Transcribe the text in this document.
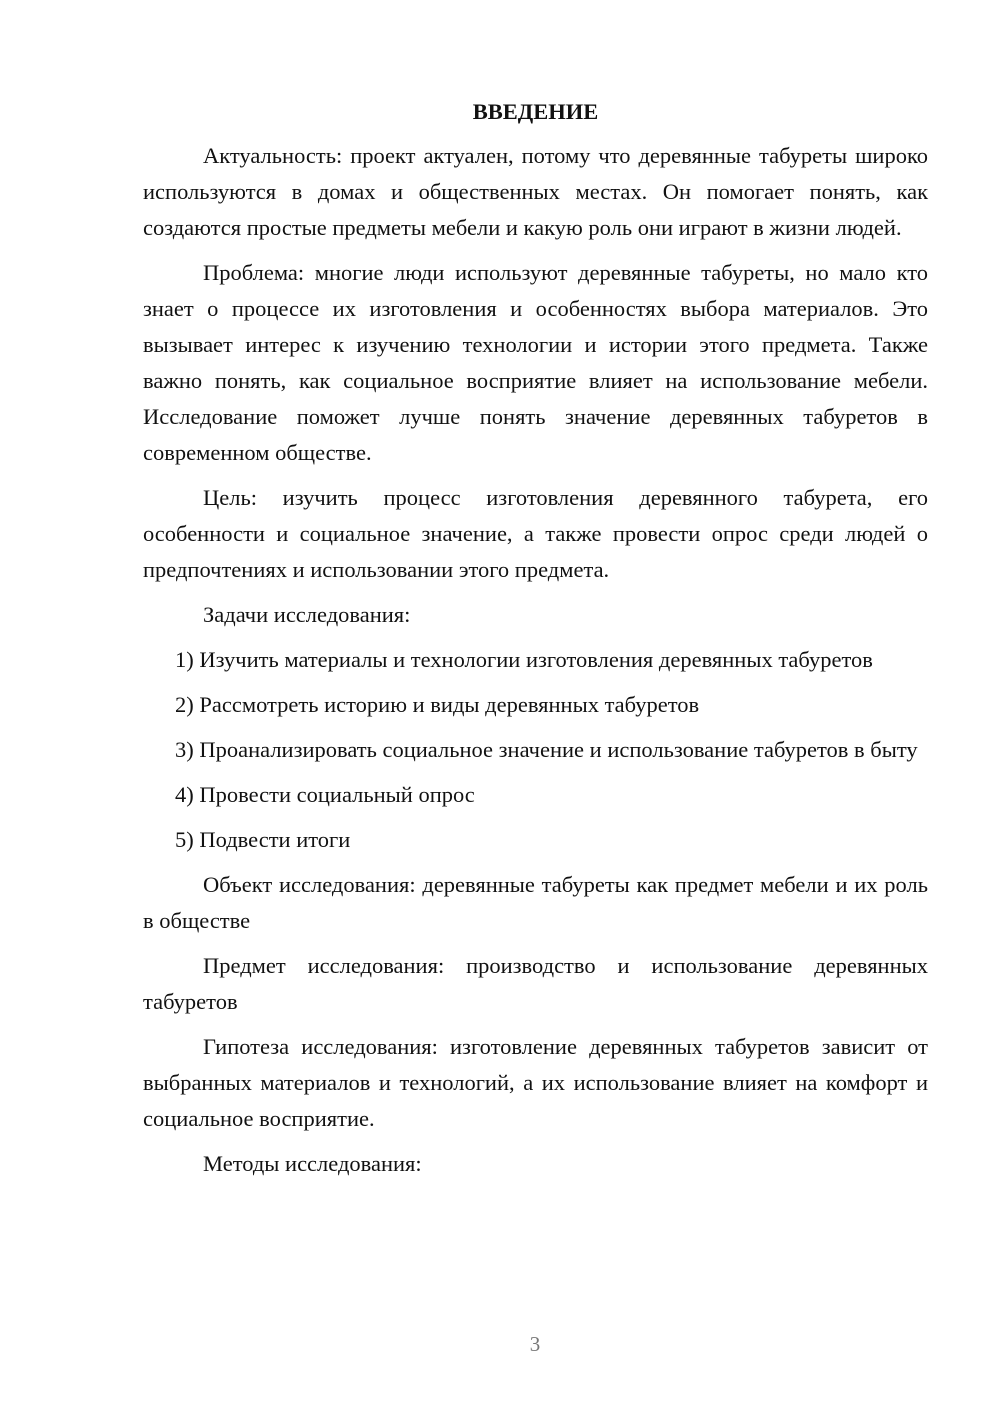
ВВЕДЕНИЕ

Актуальность: проект актуален, потому что деревянные табуреты широко используются в домах и общественных местах. Он помогает понять, как создаются простые предметы мебели и какую роль они играют в жизни людей.

Проблема: многие люди используют деревянные табуреты, но мало кто знает о процессе их изготовления и особенностях выбора материалов. Это вызывает интерес к изучению технологии и истории этого предмета. Также важно понять, как социальное восприятие влияет на использование мебели. Исследование поможет лучше понять значение деревянных табуретов в современном обществе.

Цель: изучить процесс изготовления деревянного табурета, его особенности и социальное значение, а также провести опрос среди людей о предпочтениях и использовании этого предмета.

Задачи исследования:

1) Изучить материалы и технологии изготовления деревянных табуретов

2) Рассмотреть историю и виды деревянных табуретов

3) Проанализировать социальное значение и использование табуретов в быту

4) Провести социальный опрос

5) Подвести итоги

Объект исследования: деревянные табуреты как предмет мебели и их роль в обществе

Предмет исследования: производство и использование деревянных табуретов

Гипотеза исследования: изготовление деревянных табуретов зависит от выбранных материалов и технологий, а их использование влияет на комфорт и социальное восприятие.

Методы исследования:

3
